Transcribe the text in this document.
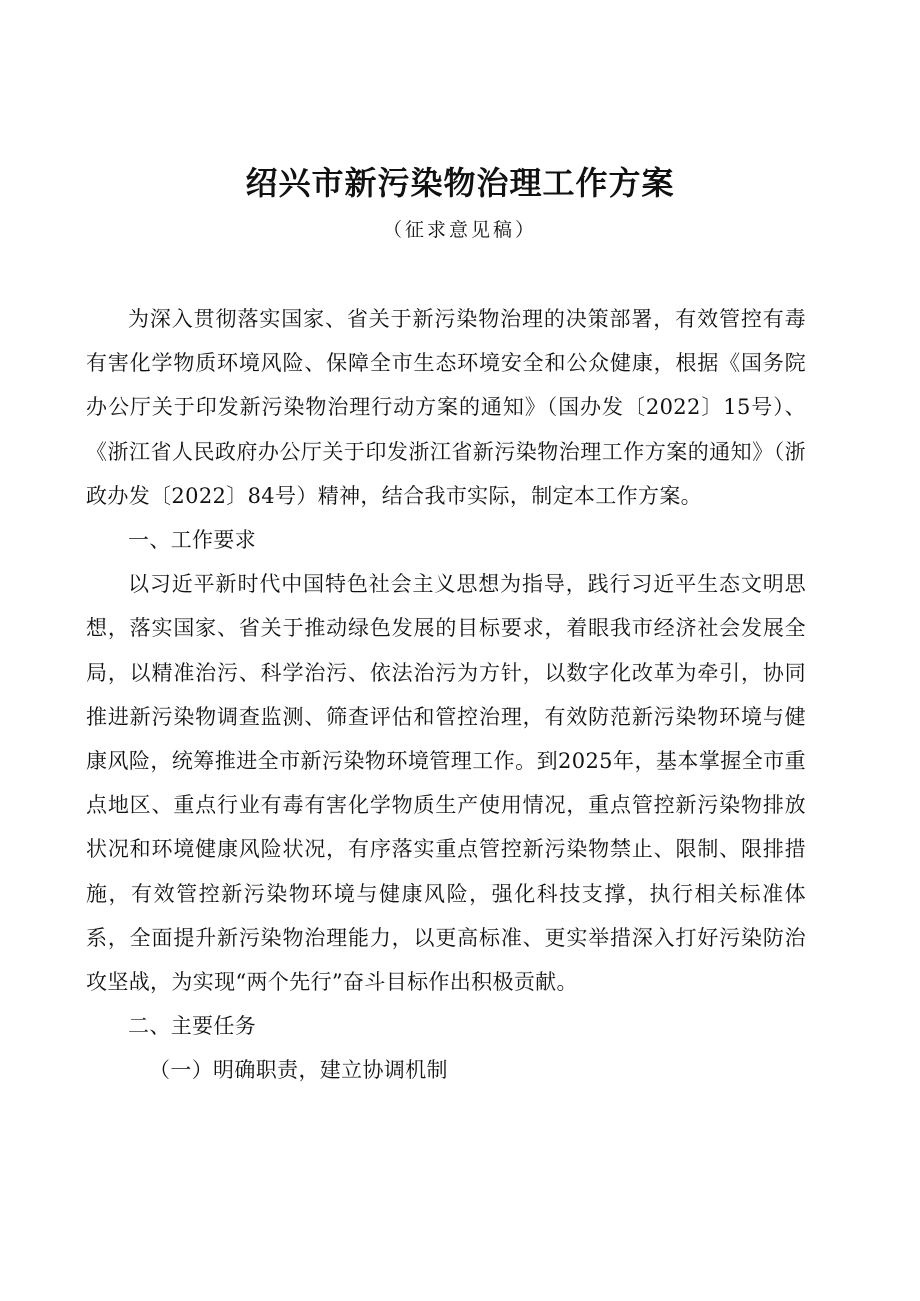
绍兴市新污染物治理工作方案
（征求意见稿）

为深入贯彻落实国家、省关于新污染物治理的决策部署，有效管控有毒有害化学物质环境风险、保障全市生态环境安全和公众健康，根据《国务院办公厅关于印发新污染物治理行动方案的通知》（国办发〔2022〕15号）、《浙江省人民政府办公厅关于印发浙江省新污染物治理工作方案的通知》（浙政办发〔2022〕84号）精神，结合我市实际，制定本工作方案。

一、工作要求

以习近平新时代中国特色社会主义思想为指导，践行习近平生态文明思想，落实国家、省关于推动绿色发展的目标要求，着眼我市经济社会发展全局，以精准治污、科学治污、依法治污为方针，以数字化改革为牵引，协同推进新污染物调查监测、筛查评估和管控治理，有效防范新污染物环境与健康风险，统筹推进全市新污染物环境管理工作。到2025年，基本掌握全市重点地区、重点行业有毒有害化学物质生产使用情况，重点管控新污染物排放状况和环境健康风险状况，有序落实重点管控新污染物禁止、限制、限排措施，有效管控新污染物环境与健康风险，强化科技支撑，执行相关标准体系，全面提升新污染物治理能力，以更高标准、更实举措深入打好污染防治攻坚战，为实现“两个先行”奋斗目标作出积极贡献。

二、主要任务

（一）明确职责，建立协调机制
